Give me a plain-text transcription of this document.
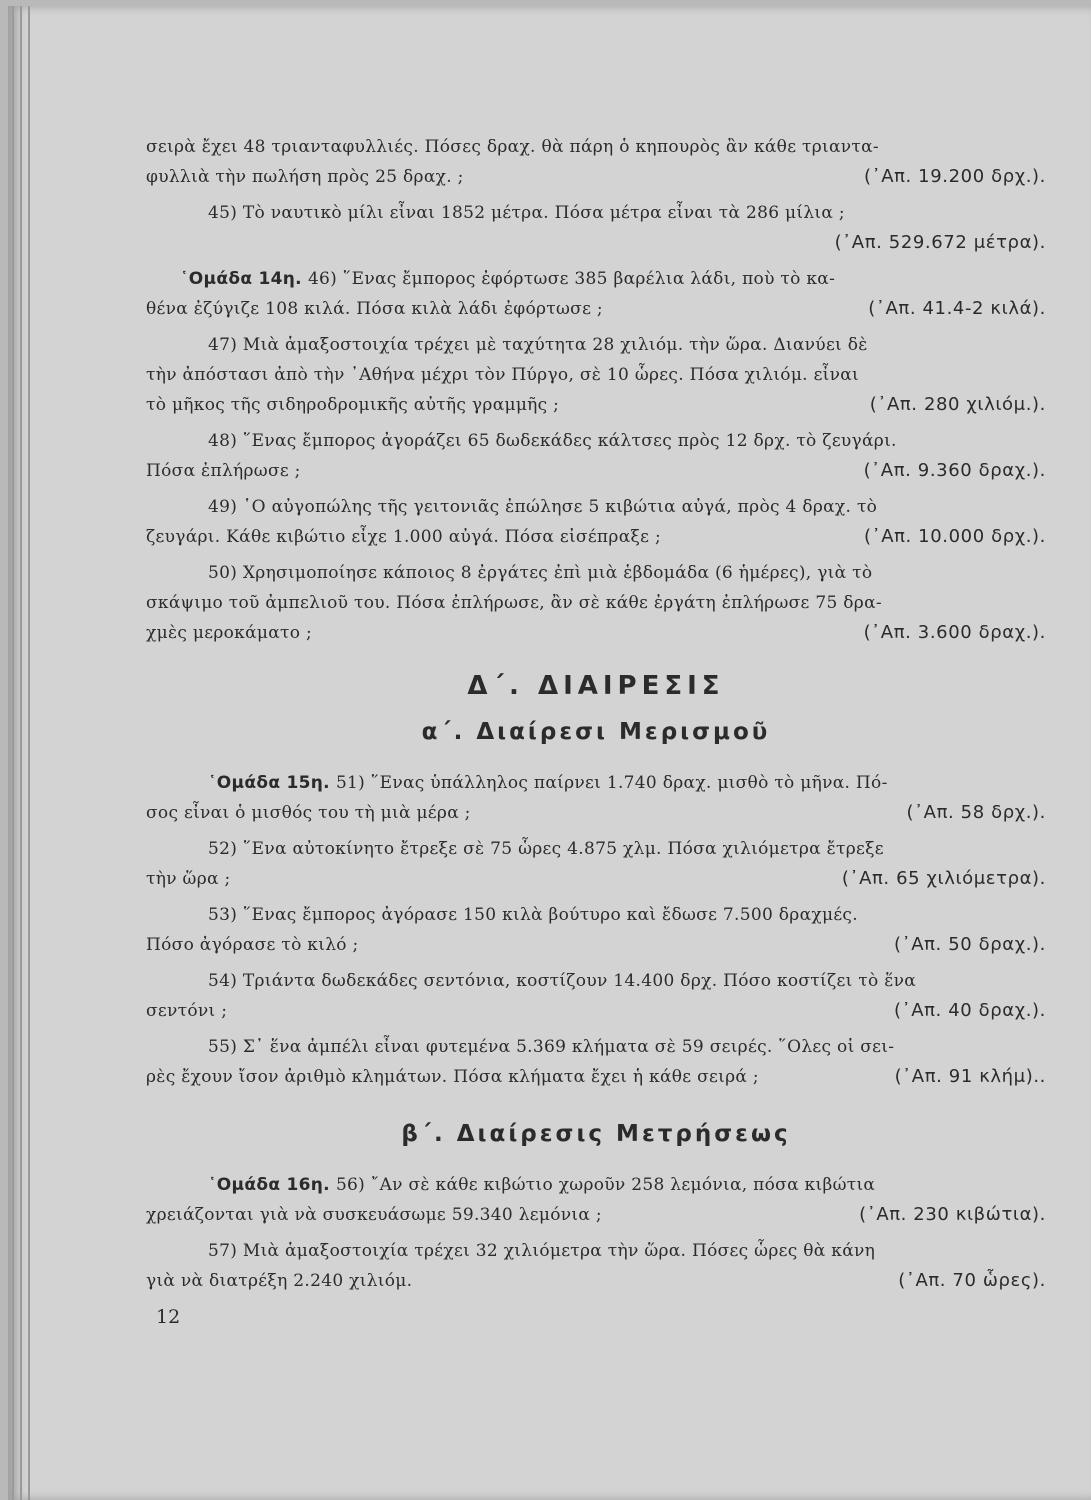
σειρὰ ἔχει 48 τριανταφυλλιές. Πόσες δραχ. θὰ πάρη ὁ κηπουρὸς ἂν κάθε τριαντα-
φυλλιὰ τὴν πωλήση πρὸς 25 δραχ. ;	(᾿Απ. 19.200 δρχ.).
45) Τὸ ναυτικὸ μίλι εἶναι 1852 μέτρα. Πόσα μέτρα εἶναι τὰ 286 μίλια ;
(᾿Απ. 529.672 μέτρα).
῾Ομάδα 14η. 46) ῞Ενας ἔμπορος ἐφόρτωσε 385 βαρέλια λάδι, ποὺ τὸ κα-
θένα ἐζύγιζε 108 κιλά. Πόσα κιλὰ λάδι ἐφόρτωσε ;	(᾿Απ. 41.4-2 κιλά).
47) Μιὰ ἁμαξοστοιχία τρέχει μὲ ταχύτητα 28 χιλιόμ. τὴν ὥρα. Διανύει δὲ
τὴν ἀπόστασι ἀπὸ τὴν ᾿Αθήνα μέχρι τὸν Πύργο, σὲ 10 ὧρες. Πόσα χιλιόμ. εἶναι
τὸ μῆκος τῆς σιδηροδρομικῆς αὐτῆς γραμμῆς ;	(᾿Απ. 280 χιλιόμ.).
48) ῞Ενας ἔμπορος ἀγοράζει 65 δωδεκάδες κάλτσες πρὸς 12 δρχ. τὸ ζευγάρι.
Πόσα ἐπλήρωσε ;	(᾿Απ. 9.360 δραχ.).
49) ῾Ο αὐγοπώλης τῆς γειτονιᾶς ἐπώλησε 5 κιβώτια αὐγά, πρὸς 4 δραχ. τὸ
ζευγάρι. Κάθε κιβώτιο εἶχε 1.000 αὐγά. Πόσα εἰσέπραξε ;	(᾿Απ. 10.000 δρχ.).
50) Χρησιμοποίησε κάποιος 8 ἐργάτες ἐπὶ μιὰ ἑβδομάδα (6 ἡμέρες), γιὰ τὸ
σκάψιμο τοῦ ἀμπελιοῦ του. Πόσα ἐπλήρωσε, ἂν σὲ κάθε ἐργάτη ἐπλήρωσε 75 δρα-
χμὲς μεροκάματο ;	(᾿Απ. 3.600 δραχ.).
Δ΄. ΔΙΑΙΡΕΣΙΣ
α΄. Διαίρεσι Μερισμοῦ
῾Ομάδα 15η. 51) ῞Ενας ὑπάλληλος παίρνει 1.740 δραχ. μισθὸ τὸ μῆνα. Πό-
σος εἶναι ὁ μισθός του τὴ μιὰ μέρα ;	(᾿Απ. 58 δρχ.).
52) ῞Ενα αὐτοκίνητο ἔτρεξε σὲ 75 ὧρες 4.875 χλμ. Πόσα χιλιόμετρα ἔτρεξε
τὴν ὥρα ;	(᾿Απ. 65 χιλιόμετρα).
53) ῞Ενας ἔμπορος ἀγόρασε 150 κιλὰ βούτυρο καὶ ἔδωσε 7.500 δραχμές.
Πόσο ἀγόρασε τὸ κιλό ;	(᾿Απ. 50 δραχ.).
54) Τριάντα δωδεκάδες σεντόνια, κοστίζουν 14.400 δρχ. Πόσο κοστίζει τὸ ἕνα
σεντόνι ;	(᾿Απ. 40 δραχ.).
55) Σ᾿ ἕνα ἀμπέλι εἶναι φυτεμένα 5.369 κλήματα σὲ 59 σειρές. ῞Ολες οἱ σει-
ρὲς ἔχουν ἴσον ἀριθμὸ κλημάτων. Πόσα κλήματα ἔχει ἡ κάθε σειρά ;	(᾿Απ. 91 κλήμ)..
β΄. Διαίρεσις Μετρήσεως
῾Ομάδα 16η. 56) ῎Αν σὲ κάθε κιβώτιο χωροῦν 258 λεμόνια, πόσα κιβώτια
χρειάζονται γιὰ νὰ συσκευάσωμε 59.340 λεμόνια ;	(᾿Απ. 230 κιβώτια).
57) Μιὰ ἁμαξοστοιχία τρέχει 32 χιλιόμετρα τὴν ὥρα. Πόσες ὧρες θὰ κάνη
γιὰ νὰ διατρέξη 2.240 χιλιόμ.	(᾿Απ. 70 ὧρες).
12
